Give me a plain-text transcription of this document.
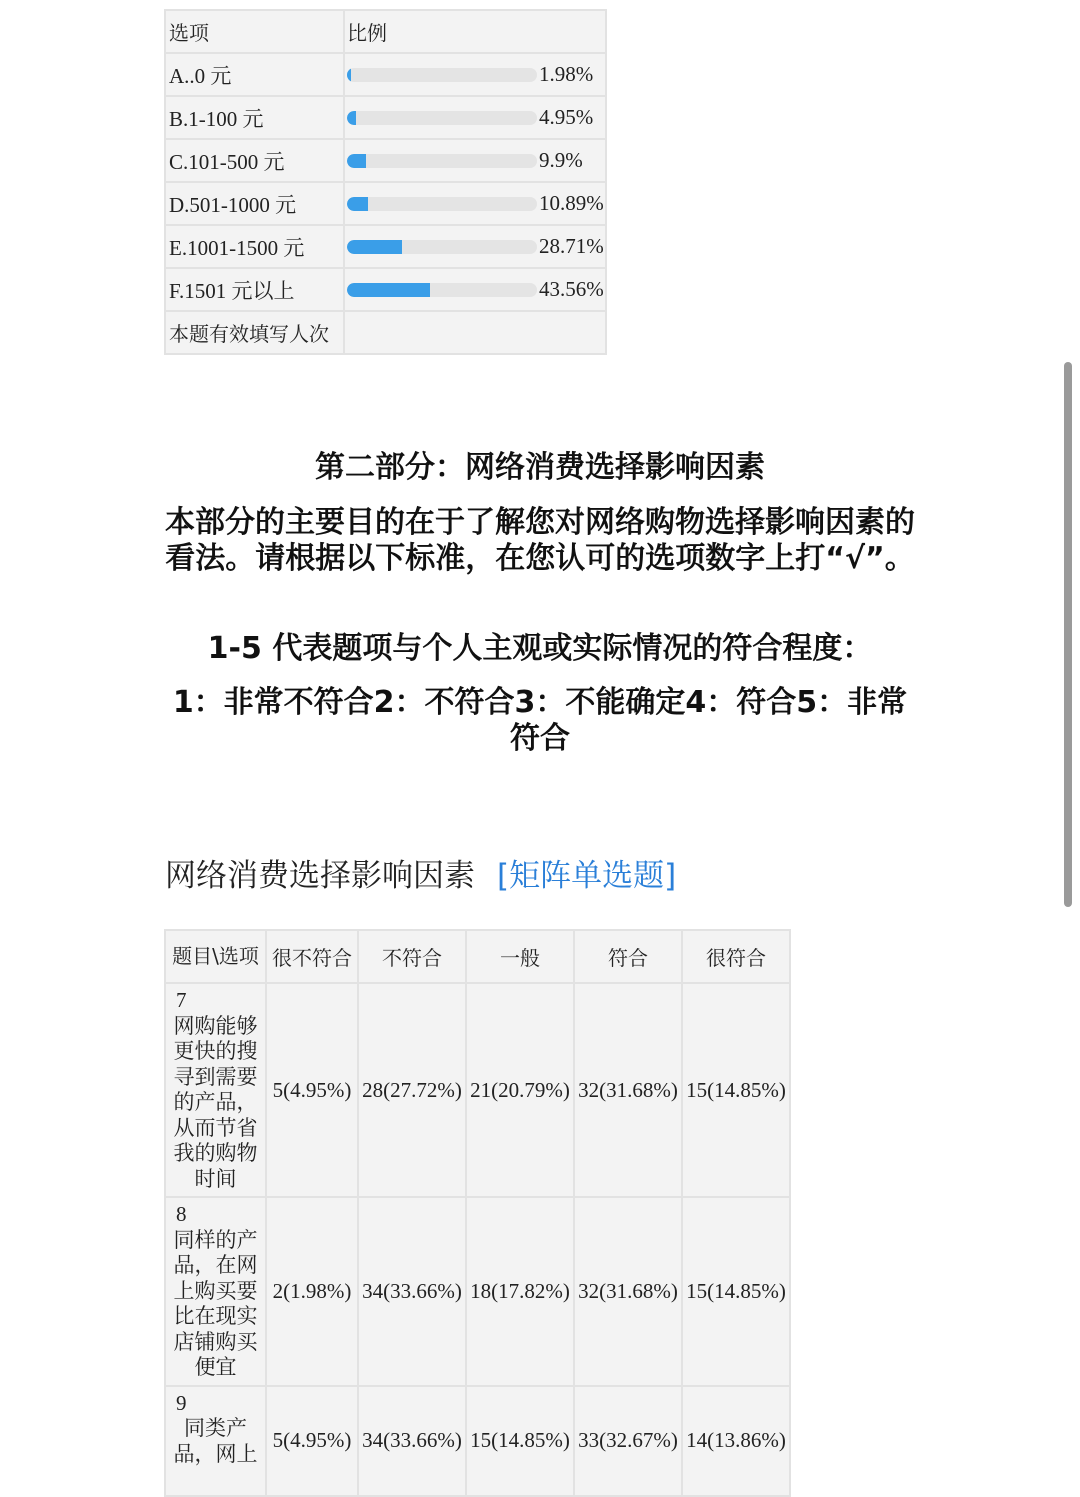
选项	比例
A..0 元	1.98%

B.1-100 元	4.95%

C.101-500 元	9.9%

D.501-1000 元	10.89%

E.1001-1500 元	28.71%

F.1501 元以上	43.56%

本题有效填写人次	
第二部分：网络消费选择影响因素
本部分的主要目的在于了解您对网络购物选择影响因素的看法。请根据以下标准，在您认可的选项数字上打“√”。
1-5 代表题项与个人主观或实际情况的符合程度：
1：非常不符合2：不符合3：不能确定4：符合5：非常符合
网络消费选择影响因素 [矩阵单选题]
题目\选项	很不符合	不符合	一般	符合	很符合

7
网购能够更快的搜寻到需要的产品，从而节省我的购物时间	5(4.95%)	28(27.72%)	21(20.79%)	32(31.68%)	15(14.85%)

8
同样的产品，在网上购买要比在现实店铺购买便宜	2(1.98%)	34(33.66%)	18(17.82%)	32(31.68%)	15(14.85%)

9
同类产品，网上	5(4.95%)	34(33.66%)	15(14.85%)	33(32.67%)	14(13.86%)
